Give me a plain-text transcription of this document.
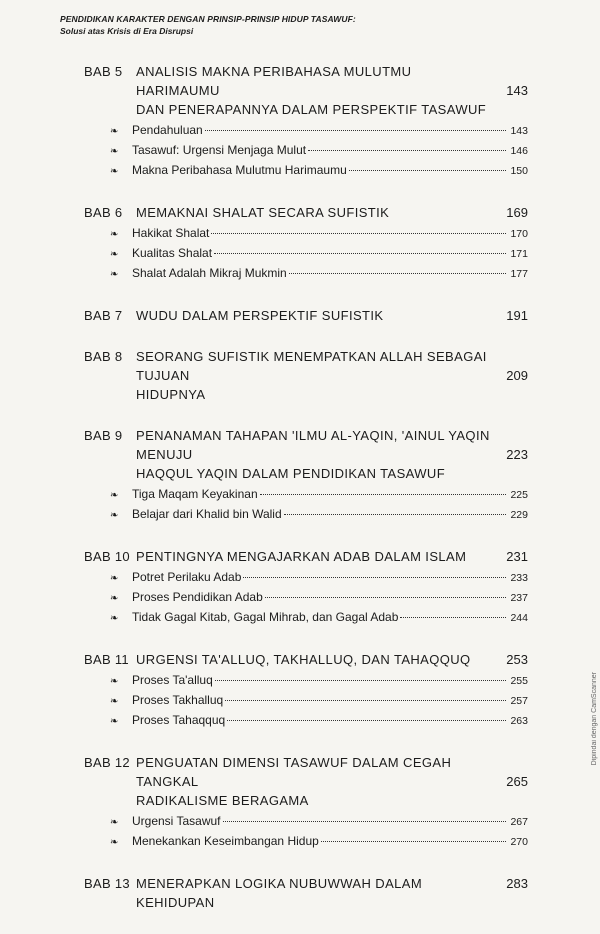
PENDIDIKAN KARAKTER DENGAN PRINSIP-PRINSIP HIDUP TASAWUF:
Solusi atas Krisis di Era Disrupsi
BAB 5	ANALISIS MAKNA PERIBAHASA MULUTMU HARIMAUMU
DAN PENERAPANNYA DALAM PERSPEKTIF TASAWUF
143
❧	Pendahuluan	143
❧	Tasawuf: Urgensi Menjaga Mulut	146
❧	Makna Peribahasa Mulutmu Harimaumu	150
BAB 6	MEMAKNAI SHALAT SECARA SUFISTIK	169
❧	Hakikat Shalat	170
❧	Kualitas Shalat	171
❧	Shalat Adalah Mikraj Mukmin	177
BAB 7	WUDU DALAM PERSPEKTIF SUFISTIK	191
BAB 8	SEORANG SUFISTIK MENEMPATKAN ALLAH SEBAGAI TUJUAN
HIDUPNYA
209
BAB 9	PENANAMAN TAHAPAN 'ILMU AL-YAQIN, 'AINUL YAQIN MENUJU
HAQQUL YAQIN DALAM PENDIDIKAN TASAWUF
223
❧	Tiga Maqam Keyakinan	225
❧	Belajar dari Khalid bin Walid	229
BAB 10 PENTINGNYA MENGAJARKAN ADAB DALAM ISLAM	231
❧	Potret Perilaku Adab	233
❧	Proses Pendidikan Adab	237
❧	Tidak Gagal Kitab, Gagal Mihrab, dan Gagal Adab	244
BAB 11 URGENSI TA'ALLUQ, TAKHALLUQ, DAN TAHAQQUQ	253
❧	Proses Ta'alluq	255
❧	Proses Takhalluq	257
❧	Proses Tahaqquq	263
BAB 12 PENGUATAN DIMENSI TASAWUF DALAM CEGAH TANGKAL
RADIKALISME BERAGAMA
265
❧	Urgensi Tasawuf	267
❧	Menekankan Keseimbangan Hidup	270
BAB 13 MENERAPKAN LOGIKA NUBUWWAH DALAM KEHIDUPAN
283
Dipindai dengan CamScanner
